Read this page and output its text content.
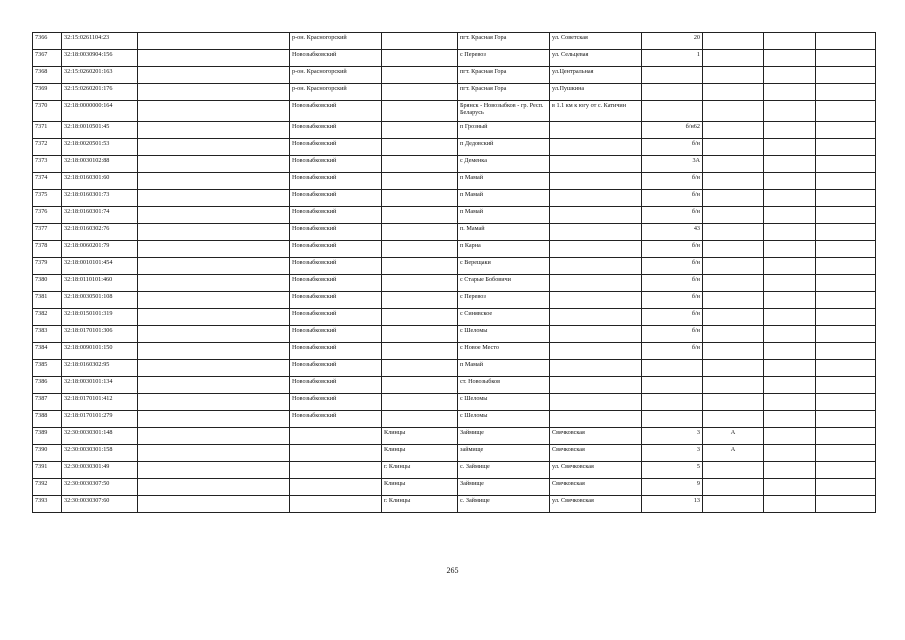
7366	32:15:0261104:23		р-он. Красногорский		пгт. Красная Гора	ул. Советская	20			
7367	32:18:0030904:156		Новозыбковский		с Перевоз	ул. Сельцевая	1			
7368	32:15:0260201:163		р-он. Красногорский		пгт. Красная Гора	ул.Центральная				
7369	32:15:0260201:176		р-он. Красногорский		пгт. Красная Гора	ул.Пушкина				
7370	32:18:0000000:164		Новозыбковский		Брянск - Новозыбков - гр. Респ. Беларусь	в 1.1 км к югу от с. Катичин				
7371	32:18:0010501:45		Новозыбковский		п Грозный		б/н62			
7372	32:18:0020501:53		Новозыбковский		п Дедовский		б/н			
7373	32:18:0030102:88		Новозыбковский		с Деменка		3А			
7374	32:18:0160301:60		Новозыбковский		п Мамай		б/н			
7375	32:18:0160301:73		Новозыбковский		п Мамай		б/н			
7376	32:18:0160301:74		Новозыбковский		п Мамай		б/н			
7377	32:18:0160302:76		Новозыбковский		п. Мамай		43			
7378	32:18:0060201:79		Новозыбковский		п Карна		б/н			
7379	32:18:0010101:454		Новозыбковский		с Верещаки		б/н			
7380	32:18:0110101:460		Новозыбковский		с Старые Бобовичи		б/н			
7381	32:18:0030501:108		Новозыбковский		с Перевоз		б/н			
7382	32:18:0150101:319		Новозыбковский		с Синявское		б/н			
7383	32:18:0170101:306		Новозыбковский		с Шеломы		б/н			
7384	32:18:0090101:150		Новозыбковский		с Новое Место		б/н			
7385	32:18:0160302:95		Новозыбковский		п Мамай					
7386	32:18:0030101:134		Новозыбковский		ст. Новозыбков					
7387	32:18:0170101:412		Новозыбковский		с Шеломы					
7388	32:18:0170101:279		Новозыбковский		с Шеломы					
7389	32:30:0030301:148			Клинцы	Займище	Свячковская	3	А		
7390	32:30:0030301:158			Клинцы	займище	Свячковская	3	А		
7391	32:30:0030301:49			г. Клинцы	с. Займище	ул. Свячковская	5			
7392	32:30:0030307:50			Клинцы	Займище	Свячковская	9			
7393	32:30:0030307:60			г. Клинцы	с. Займище	ул. Свячковская	13			
265
